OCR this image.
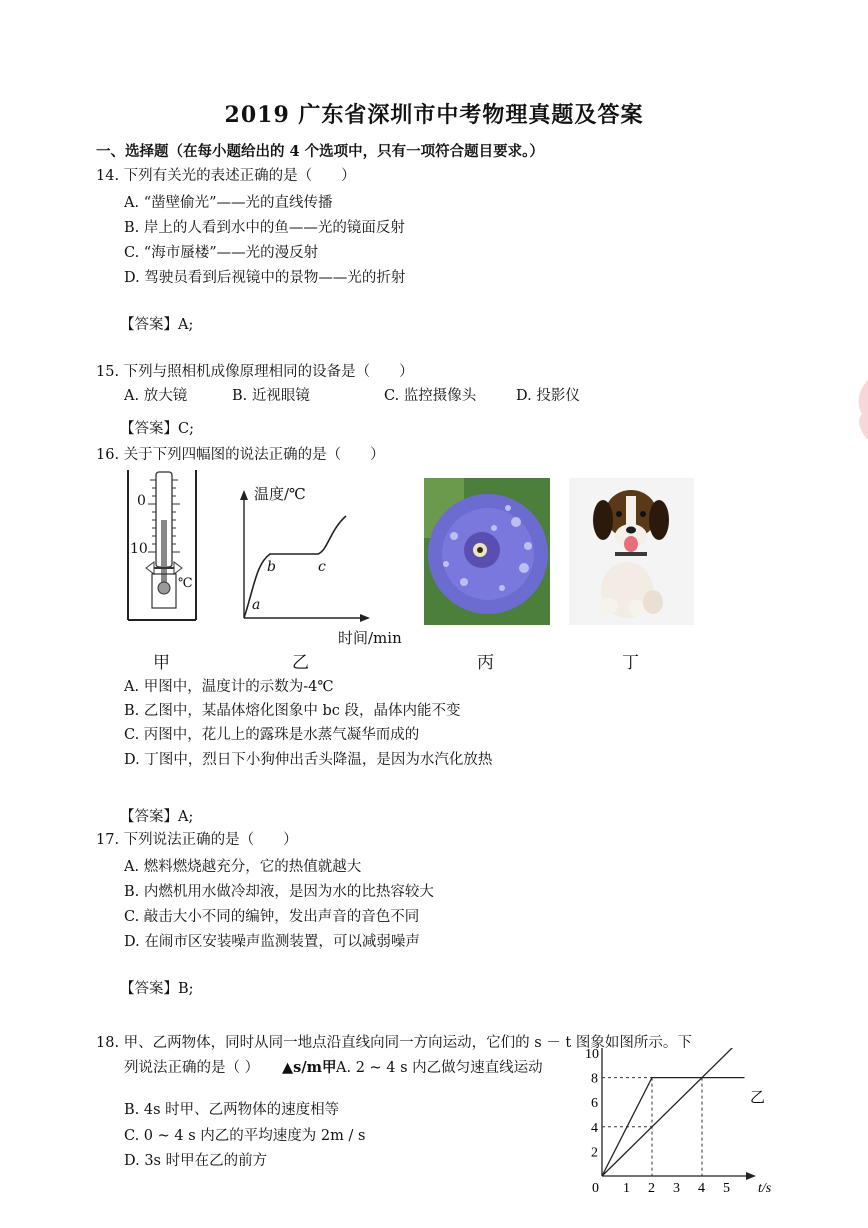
2019 广东省深圳市中考物理真题及答案
一、选择题（在每小题给出的 4 个选项中，只有一项符合题目要求。）
14. 下列有关光的表述正确的是（　　）
A. “凿壁偷光”——光的直线传播
B. 岸上的人看到水中的鱼——光的镜面反射
C. “海市蜃楼”——光的漫反射
D. 驾驶员看到后视镜中的景物——光的折射
【答案】A;
15. 下列与照相机成像原理相同的设备是（　　）
A. 放大镜	B. 近视眼镜	C. 监控摄像头	D. 投影仪
【答案】C;
16. 关于下列四幅图的说法正确的是（　　）
0
10
℃
温度/℃
时间/min
a
b	c
甲	乙	丙	丁
A. 甲图中，温度计的示数为-4℃
B. 乙图中，某晶体熔化图象中 bc 段，晶体内能不变
C. 丙图中，花儿上的露珠是水蒸气凝华而成的
D. 丁图中，烈日下小狗伸出舌头降温，是因为水汽化放热
【答案】A;
17. 下列说法正确的是（　　）
A. 燃料燃烧越充分，它的热值就越大
B. 内燃机用水做冷却液，是因为水的比热容较大
C. 敲击大小不同的编钟，发出声音的音色不同
D. 在闹市区安装噪声监测装置，可以减弱噪声
【答案】B;
18. 甲、乙两物体，同时从同一地点沿直线向同一方向运动，它们的 s － t 图象如图所示。下
列说法正确的是（ ） ▲s/m甲 A. 2 ~ 4 s 内乙做匀速直线运动
B. 4s 时甲、乙两物体的速度相等
C. 0 ~ 4 s 内乙的平均速度为 2m / s
D. 3s 时甲在乙的前方
0 1 2 3 4 5
2
4
6
8
10
t/s
乙
